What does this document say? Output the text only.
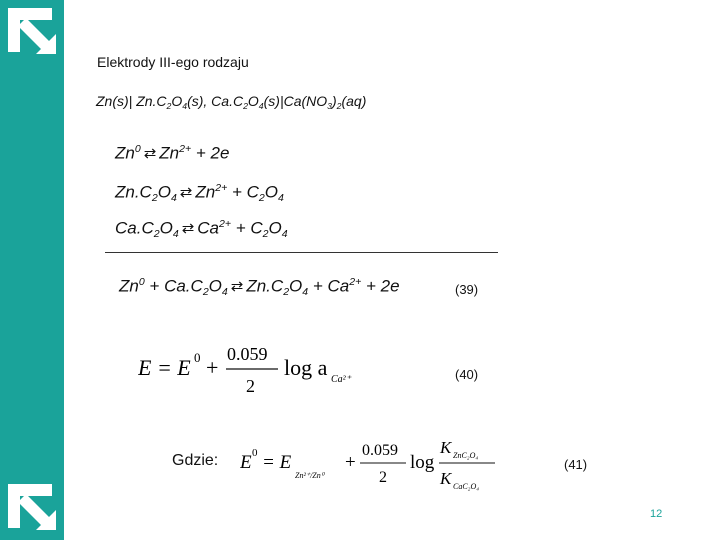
Elektrody III-ego rodzaju
Zn(s)| $Zn.C_2O_4(s)$, $Ca.C_2O_4(s)|Ca(NO_3)_2(aq)$
Zn$^0$ ⇄ $Zn^{2+} + 2e$
$Zn.C_2O_4$ ⇄ $Zn^{2+} + C_2O_4$
$Ca.C_2O_4$ ⇄ $Ca^{2+} + C_2O_4$
$Zn^0 + Ca.C_2O_4$ ⇄ $Zn.C_2O_4 + Ca^{2+} + 2e$	(39)
E = E 0 +
0.059
2
log a Ca²⁺	(40)
Gdzie: E 0 = E
Zn²⁺/Zn⁰
+
0.059
2
log
K ZnC₂O₄
K CaC₂O₄
(41)
12
